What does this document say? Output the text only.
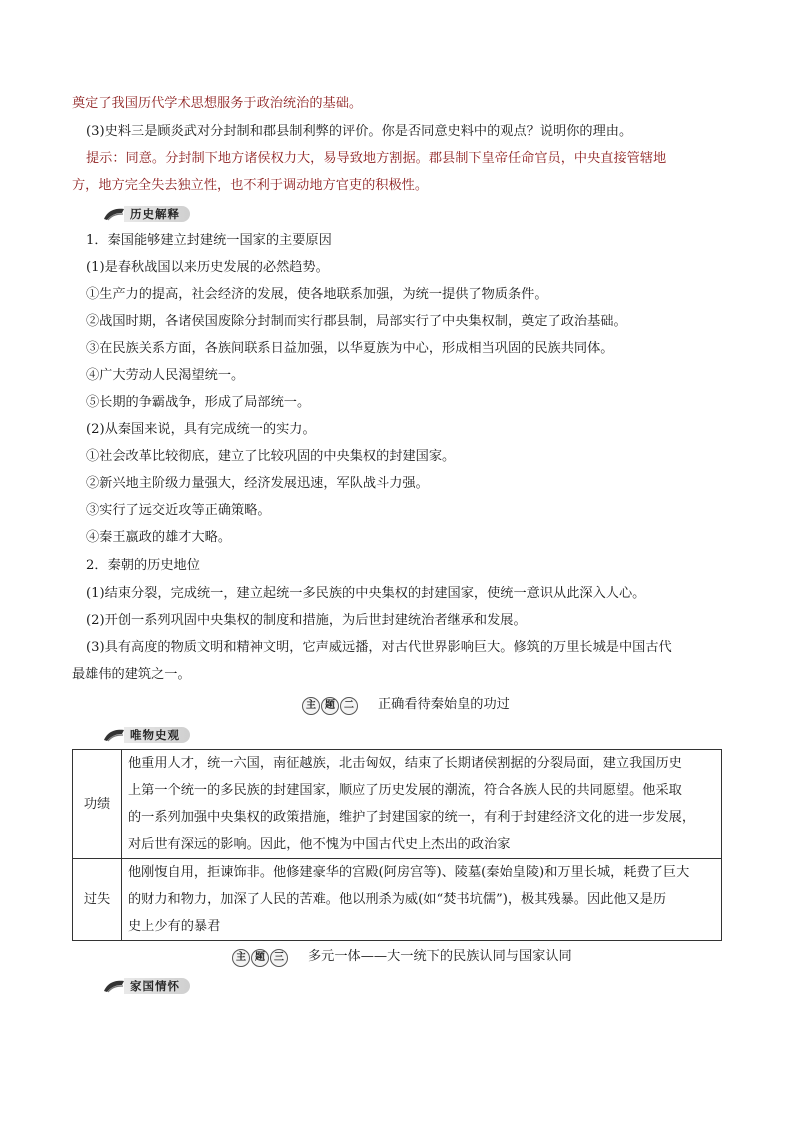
奠定了我国历代学术思想服务于政治统治的基础。
(3)史料三是顾炎武对分封制和郡县制利弊的评价。你是否同意史料中的观点？说明你的理由。
提示：同意。分封制下地方诸侯权力大，易导致地方割据。郡县制下皇帝任命官员，中央直接管辖地
方，地方完全失去独立性，也不利于调动地方官吏的积极性。
历史解释
1．秦国能够建立封建统一国家的主要原因
(1)是春秋战国以来历史发展的必然趋势。
①生产力的提高，社会经济的发展，使各地联系加强，为统一提供了物质条件。
②战国时期，各诸侯国废除分封制而实行郡县制，局部实行了中央集权制，奠定了政治基础。
③在民族关系方面，各族间联系日益加强，以华夏族为中心，形成相当巩固的民族共同体。
④广大劳动人民渴望统一。
⑤长期的争霸战争，形成了局部统一。
(2)从秦国来说，具有完成统一的实力。
①社会改革比较彻底，建立了比较巩固的中央集权的封建国家。
②新兴地主阶级力量强大，经济发展迅速，军队战斗力强。
③实行了远交近攻等正确策略。
④秦王嬴政的雄才大略。
2．秦朝的历史地位
(1)结束分裂，完成统一，建立起统一多民族的中央集权的封建国家，使统一意识从此深入人心。
(2)开创一系列巩固中央集权的制度和措施，为后世封建统治者继承和发展。
(3)具有高度的物质文明和精神文明，它声威远播，对古代世界影响巨大。修筑的万里长城是中国古代
最雄伟的建筑之一。
主 题 二	正确看待秦始皇的功过
唯物史观
功绩	他重用人才，统一六国，南征越族，北击匈奴，结束了长期诸侯割据的分裂局面，建立我国历史
上第一个统一的多民族的封建国家，顺应了历史发展的潮流，符合各族人民的共同愿望。他采取
的一系列加强中央集权的政策措施，维护了封建国家的统一，有利于封建经济文化的进一步发展，
对后世有深远的影响。因此，他不愧为中国古代史上杰出的政治家

过失	他刚愎自用，拒谏饰非。他修建豪华的宫殿(阿房宫等)、陵墓(秦始皇陵)和万里长城，耗费了巨大
的财力和物力，加深了人民的苦难。他以刑杀为威(如“焚书坑儒”)，极其残暴。因此他又是历
史上少有的暴君
主 题 三	多元一体——大一统下的民族认同与国家认同
家国情怀
